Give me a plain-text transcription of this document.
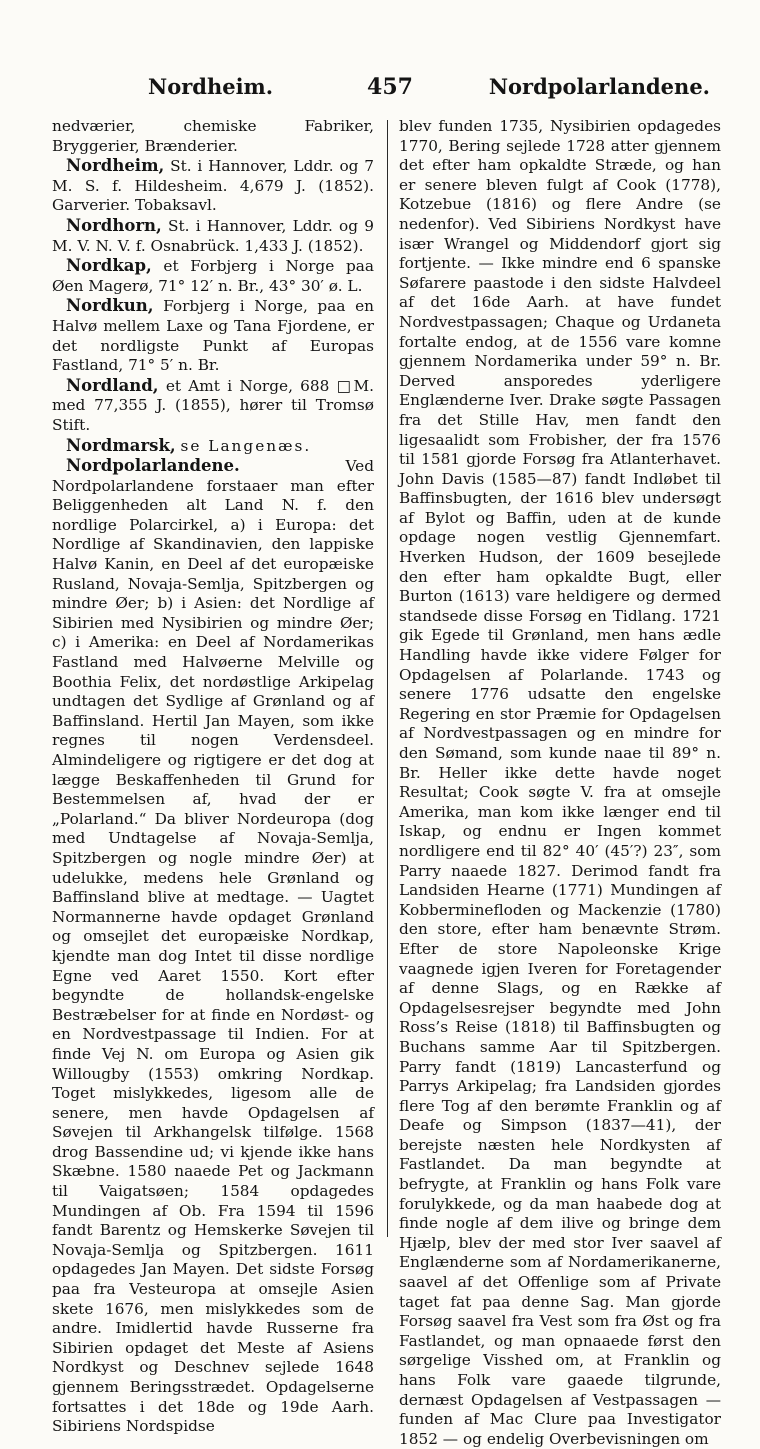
Nordheim.	457	Nordpolarlandene.

nedværier, chemiske Fabriker, Bryggerier, Brænderier.

Nordheim, St. i Hannover, Lddr. og 7 M. S. f. Hildesheim. 4,679 J. (1852). Garverier. Tobaksavl.

Nordhorn, St. i Hannover, Lddr. og 9 M. V. N. V. f. Osnabrück. 1,433 J. (1852).

Nordkap, et Forbjerg i Norge paa Øen Magerø, 71° 12′ n. Br., 43° 30′ ø. L.

Nordkun, Forbjerg i Norge, paa en Halvø mellem Laxe og Tana Fjordene, er det nordligste Punkt af Europas Fastland, 71° 5′ n. Br.

Nordland, et Amt i Norge, 688 □M. med 77,355 J. (1855), hører til Tromsø Stift.

Nordmarsk, se Langenæs.

Nordpolarlandene.	Ved Nordpolarlandene forstaaer man efter Beliggenheden alt Land N. f. den nordlige Polarcirkel, a) i Europa: det Nordlige af Skandinavien, den lappiske Halvø Kanin, en Deel af det europæiske Rusland, Novaja-Semlja, Spitzbergen og mindre Øer; b) i Asien: det Nordlige af Sibirien med Nysibirien og mindre Øer; c) i Amerika: en Deel af Nordamerikas Fastland med Halvøerne Melville og Boothia Felix, det nordøstlige Arkipelag undtagen det Sydlige af Grønland og af Baffinsland. Hertil Jan Mayen, som ikke regnes til nogen Verdensdeel. Almindeligere og rigtigere er det dog at lægge Beskaffenheden til Grund for Bestemmelsen af, hvad der er „Polarland.“ Da bliver Nordeuropa (dog med Undtagelse af Novaja-Semlja, Spitzbergen og nogle mindre Øer) at udelukke, medens hele Grønland og Baffinsland blive at medtage. — Uagtet Normannerne havde opdaget Grønland og omsejlet det europæiske Nordkap, kjendte man dog Intet til disse nordlige Egne ved Aaret 1550. Kort efter begyndte de hollandsk-engelske Bestræbelser for at finde en Nordøst- og en Nordvestpassage til Indien. For at finde Vej N. om Europa og Asien gik Willougby (1553) omkring Nordkap. Toget mislykkedes, ligesom alle de senere, men havde Opdagelsen af Søvejen til Arkhangelsk tilfølge. 1568 drog Bassendine ud; vi kjende ikke hans Skæbne. 1580 naaede Pet og Jackmann til Vaigatsøen; 1584 opdagedes Mundingen af Ob. Fra 1594 til 1596 fandt Barentz og Hemskerke Søvejen til Novaja-Semlja og Spitzbergen. 1611 opdagedes Jan Mayen. Det sidste Forsøg paa fra Vesteuropa at omsejle Asien skete 1676, men mislykkedes som de andre. Imidlertid havde Russerne fra Sibirien opdaget det Meste af Asiens Nordkyst og Deschnev sejlede 1648 gjennem Beringsstrædet. Opdagelserne fortsattes i det 18de og 19de Aarh. Sibiriens Nordspidse

blev funden 1735, Nysibirien opdagedes 1770, Bering sejlede 1728 atter gjennem det efter ham opkaldte Stræde, og han er senere bleven fulgt af Cook (1778), Kotzebue (1816) og flere Andre (se nedenfor). Ved Sibiriens Nordkyst have især Wrangel og Middendorf gjort sig fortjente. — Ikke mindre end 6 spanske Søfarere paastode i den sidste Halvdeel af det 16de Aarh. at have fundet Nordvestpassagen; Chaque og Urdaneta fortalte endog, at de 1556 vare komne gjennem Nordamerika under 59° n. Br. Derved ansporedes yderligere Englænderne Iver. Drake søgte Passagen fra det Stille Hav, men fandt den ligesaalidt som Frobisher, der fra 1576 til 1581 gjorde Forsøg fra Atlanterhavet. John Davis (1585—87) fandt Indløbet til Baffinsbugten, der 1616 blev undersøgt af Bylot og Baffin, uden at de kunde opdage nogen vestlig Gjennemfart. Hverken Hudson, der 1609 besejlede den efter ham opkaldte Bugt, eller Burton (1613) vare heldigere og dermed standsede disse Forsøg en Tidlang. 1721 gik Egede til Grønland, men hans ædle Handling havde ikke videre Følger for Opdagelsen af Polarlande. 1743 og senere 1776 udsatte den engelske Regering en stor Præmie for Opdagelsen af Nordvestpassagen og en mindre for den Sømand, som kunde naae til 89° n. Br. Heller ikke dette havde noget Resultat; Cook søgte V. fra at omsejle Amerika, man kom ikke længer end til Iskap, og endnu er Ingen kommet nordligere end til 82° 40′ (45′?) 23″, som Parry naaede 1827. Derimod fandt fra Landsiden Hearne (1771) Mundingen af Kobberminefloden og Mackenzie (1780) den store, efter ham benævnte Strøm. Efter de store Napoleonske Krige vaagnede igjen Iveren for Foretagender af denne Slags, og en Række af Opdagelsesrejser begyndte med John Ross’s Reise (1818) til Baffinsbugten og Buchans samme Aar til Spitzbergen. Parry fandt (1819) Lancasterfund og Parrys Arkipelag; fra Landsiden gjordes flere Tog af den berømte Franklin og af Deafe og Simpson (1837—41), der berejste næsten hele Nordkysten af Fastlandet. Da man begyndte at befrygte, at Franklin og hans Folk vare forulykkede, og da man haabede dog at finde nogle af dem ilive og bringe dem Hjælp, blev der med stor Iver saavel af Englænderne som af Nordamerikanerne, saavel af det Offenlige som af Private taget fat paa denne Sag. Man gjorde Forsøg saavel fra Vest som fra Øst og fra Fastlandet, og man opnaaede først den sørgelige Visshed om, at Franklin og hans Folk vare gaaede tilgrunde, dernæst Opdagelsen af Vestpassagen — funden af Mac Clure paa Investigator 1852 — og endelig Overbevisningen om
